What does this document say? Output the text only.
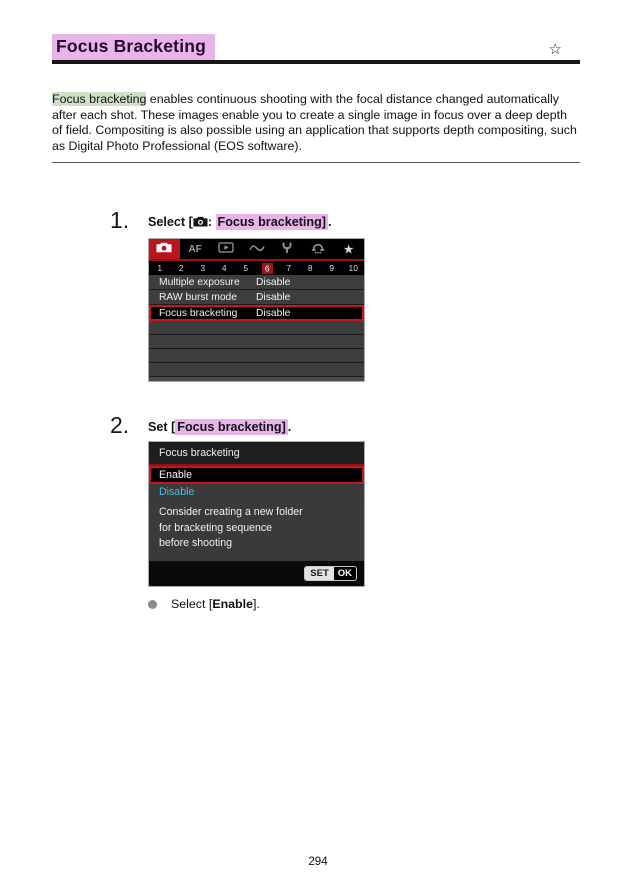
Focus Bracketing	☆

Focus bracketing enables continuous shooting with the focal distance changed automatically after each shot. These images enable you to create a single image in focus over a deep depth of field. Compositing is also possible using an application that supports depth compositing, such as Digital Photo Professional (EOS software).

1. Select [ : Focus bracketing] .
AF	★
1	2	3	4	5	6	7	8	9	10
Multiple exposure	Disable
RAW burst mode	Disable
Focus bracketing	Disable
2. Set [ Focus bracketing] .
Focus bracketing
Enable
Disable
Consider creating a new folder
for bracketing sequence
before shooting
SET OK
Select [Enable].
294
